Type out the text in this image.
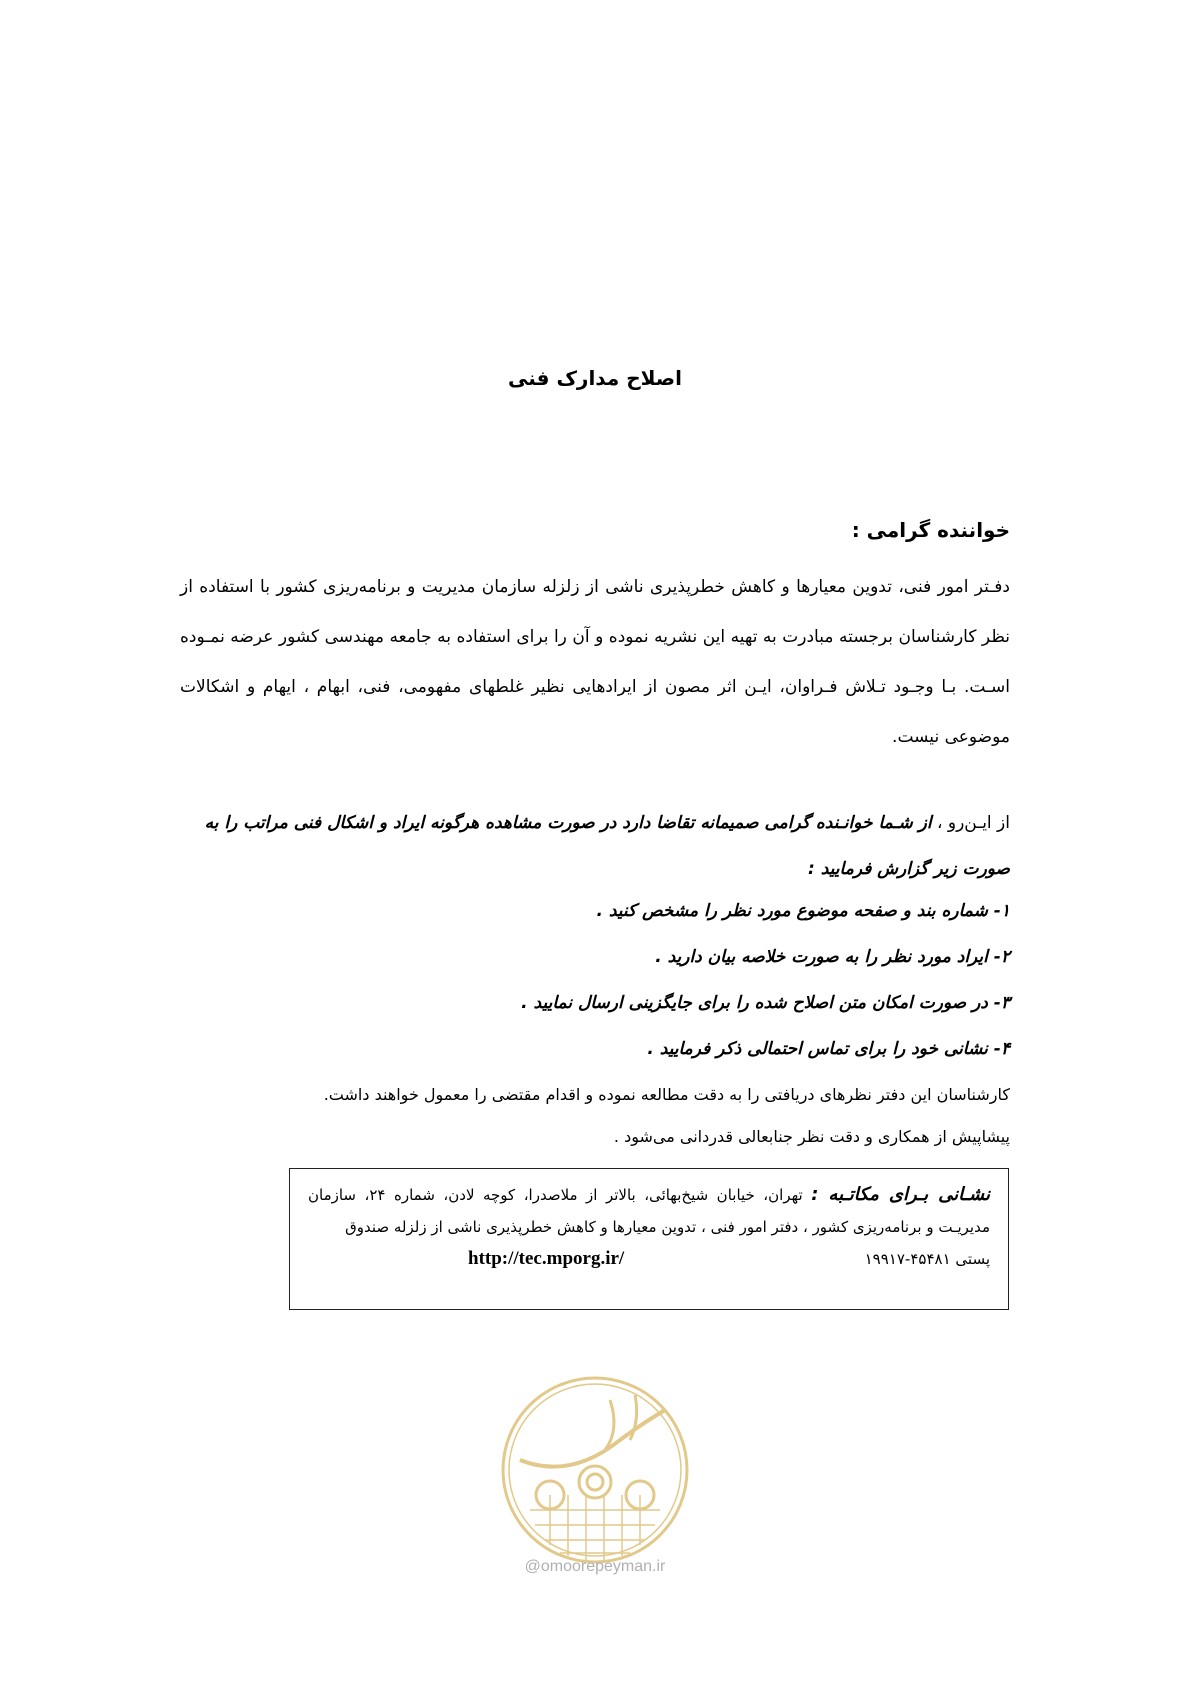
اصلاح مدارک فنی
خواننده گرامی :
دفـتر امور فنی، تدوین معیارها و کاهش خطرپذیری ناشی از زلزله سازمان مدیریت و برنامه‌ریزی کشور با استفاده از نظر کارشناسان برجسته مبادرت به تهیه این نشریه نموده و آن را برای استفاده به جامعه مهندسی کشور عرضه نمـوده اسـت. بـا وجـود تـلاش فـراوان، ایـن اثر مصون از ایرادهایی نظیر غلطهای مفهومی، فنی، ابهام ، ایهام و اشکالات موضوعی نیست.
از ایـن‌رو ، از شـما خوانـنده گرامی صمیمانه تقاضا دارد در صورت مشاهده هرگونه ایراد و اشکال فنی مراتب را به صورت زیر گزارش فرمایید :
۱- شماره بند و صفحه موضوع مورد نظر را مشخص کنید .
۲- ایراد مورد نظر را به صورت خلاصه بیان دارید .
۳- در صورت امکان متن اصلاح شده را برای جایگزینی ارسال نمایید .
۴- نشانی خود را برای تماس احتمالی ذکر فرمایید .
کارشناسان این دفتر نظرهای دریافتی را به دقت مطالعه نموده و اقدام مقتضی را معمول خواهند داشت.
پیشاپیش از همکاری و دقت نظر جنابعالی قدردانی می‌شود .
نشـانی بـرای مکاتـبه : تهران، خیابان شیخ‌بهائی، بالاتر از ملاصدرا، کوچه لادن، شماره ۲۴، سازمان مدیریـت و برنامه‌ریزی کشور ، دفتر امور فنی ، تدوین معیارها و کاهش خطرپذیری ناشی از زلزله صندوق
پستی ۴۵۴۸۱-۱۹۹۱۷
http://tec.mporg.ir/
@omoorepeyman.ir
